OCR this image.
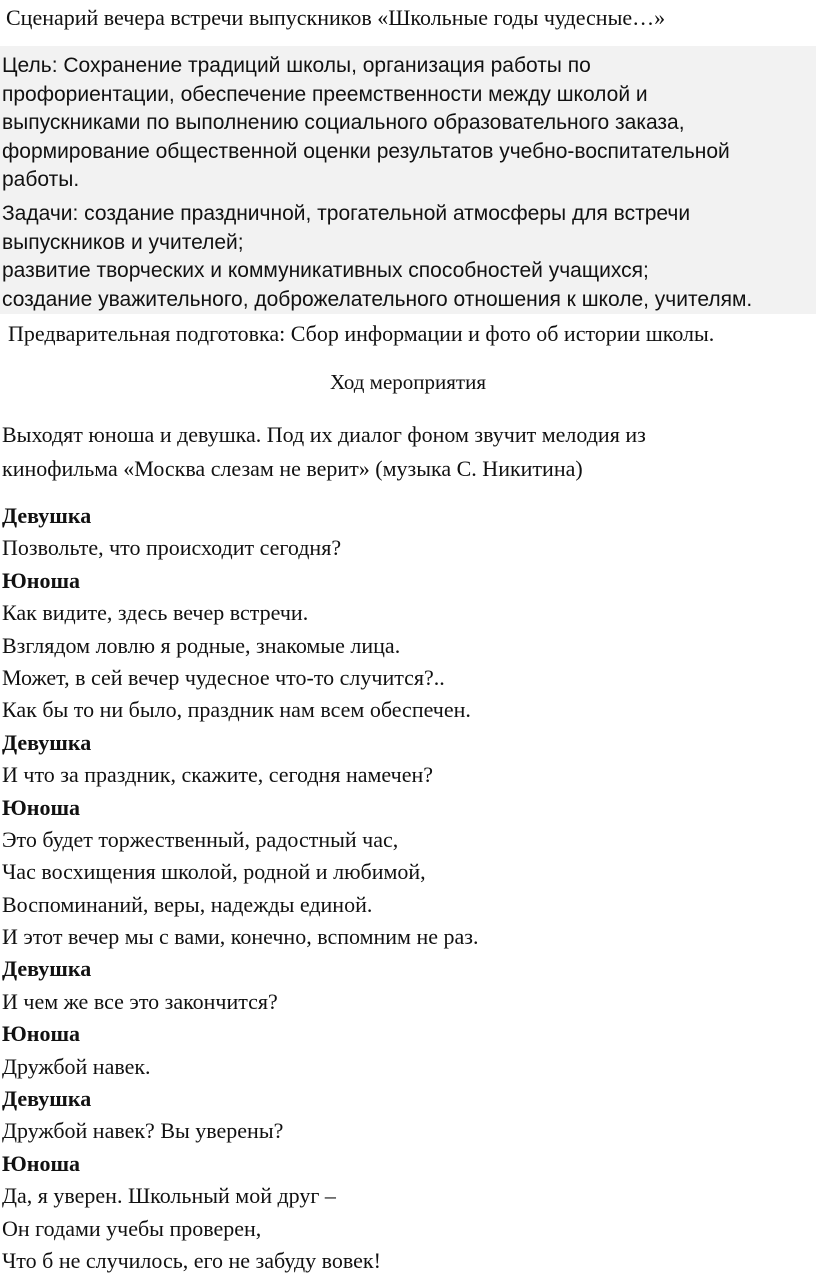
Сценарий вечера встречи выпускников «Школьные годы чудесные…»
Цель: Сохранение традиций школы, организация работы по
профориентации, обеспечение преемственности между школой и
выпускниками по выполнению социального образовательного заказа,
формирование общественной оценки результатов учебно-воспитательной
работы.
Задачи: создание праздничной, трогательной атмосферы для встречи
выпускников и учителей;
развитие творческих и коммуникативных способностей учащихся;
создание уважительного, доброжелательного отношения к школе, учителям.
Предварительная подготовка: Сбор информации и фото об истории школы.
Ход мероприятия
Выходят юноша и девушка. Под их диалог фоном звучит мелодия из
кинофильма «Москва слезам не верит» (музыка С. Никитина)
Девушка
Позвольте, что происходит сегодня?
Юноша
Как видите, здесь вечер встречи.
Взглядом ловлю я родные, знакомые лица.
Может, в сей вечер чудесное что-то случится?..
Как бы то ни было, праздник нам всем обеспечен.
Девушка
И что за праздник, скажите, сегодня намечен?
Юноша
Это будет торжественный, радостный час,
Час восхищения школой, родной и любимой,
Воспоминаний, веры, надежды единой.
И этот вечер мы с вами, конечно, вспомним не раз.
Девушка
И чем же все это закончится?
Юноша
Дружбой навек.
Девушка
Дружбой навек? Вы уверены?
Юноша
Да, я уверен. Школьный мой друг –
Он годами учебы проверен,
Что б не случилось, его не забуду вовек!
